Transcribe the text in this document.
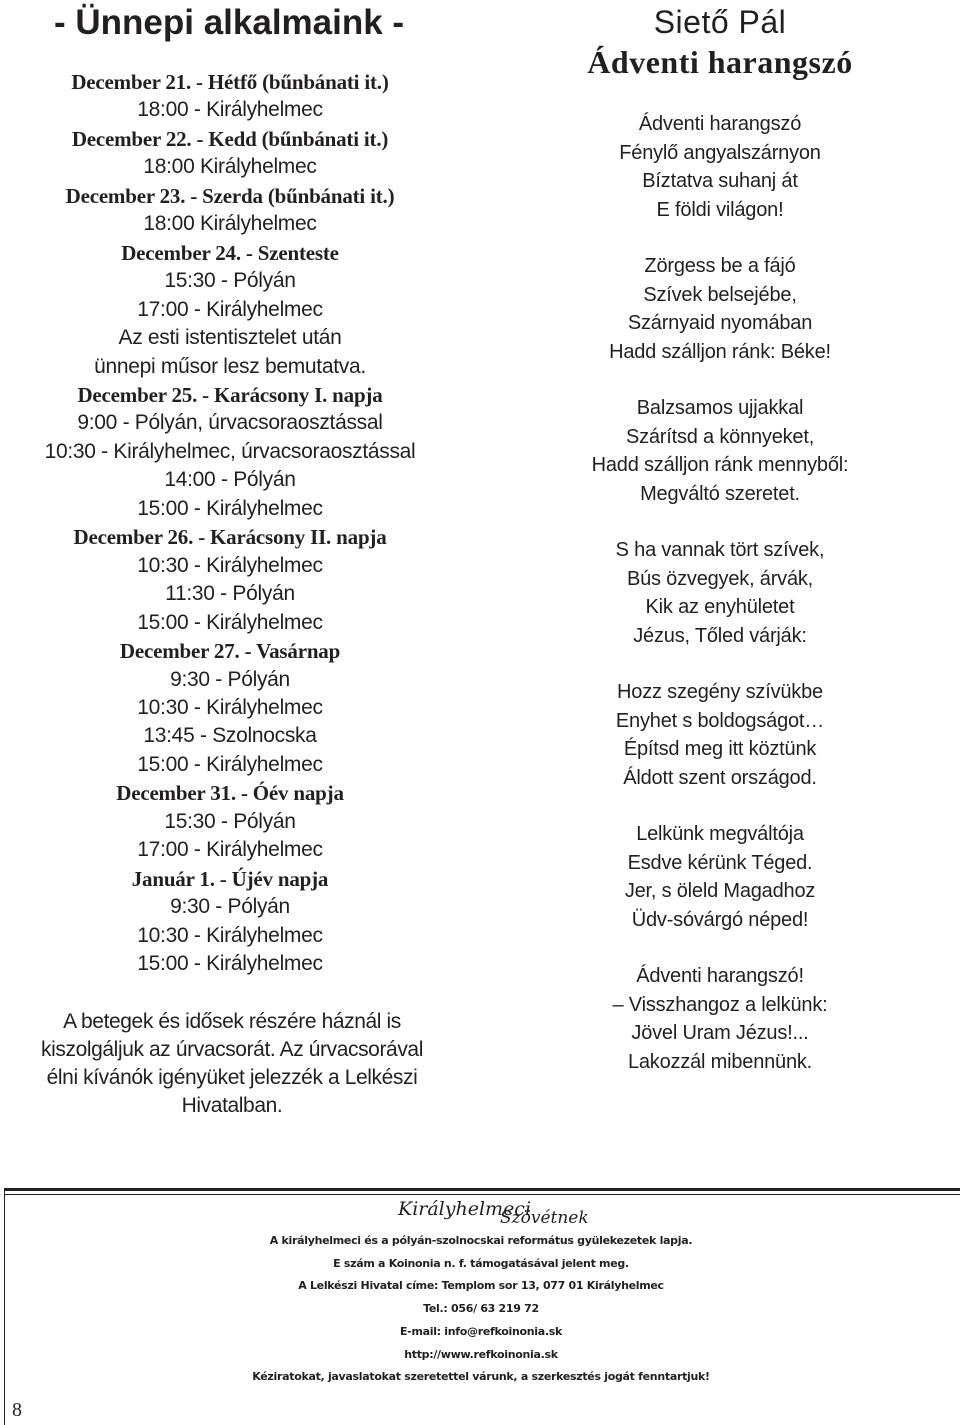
- Ünnepi alkalmaink -
December 21. - Hétfő (bűnbánati it.)
18:00 - Királyhelmec
December 22. - Kedd (bűnbánati it.)
18:00 Királyhelmec
December 23. - Szerda (bűnbánati it.)
18:00 Királyhelmec
December 24. - Szenteste
15:30 - Pólyán
17:00 - Királyhelmec
Az esti istentisztelet után
ünnepi műsor lesz bemutatva.
December 25. - Karácsony I. napja
9:00 - Pólyán, úrvacsoraosztással
10:30 - Királyhelmec, úrvacsoraosztással
14:00 - Pólyán
15:00 - Királyhelmec
December 26. - Karácsony II. napja
10:30 - Királyhelmec
11:30 - Pólyán
15:00 - Királyhelmec
December 27. - Vasárnap
9:30 - Pólyán
10:30 - Királyhelmec
13:45 - Szolnocska
15:00 - Királyhelmec
December 31. - Óév napja
15:30 - Pólyán
17:00 - Királyhelmec
Január 1. - Újév napja
9:30 - Pólyán
10:30 - Királyhelmec
15:00 - Királyhelmec
A betegek és idősek részére háznál is
kiszolgáljuk az úrvacsorát. Az úrvacsorával
élni kívánók igényüket jelezzék a Lelkészi
Hivatalban.
Siető Pál
Ádventi harangszó
Ádventi harangszó
Fénylő angyalszárnyon
Bíztatva suhanj át
E földi világon!
Zörgess be a fájó
Szívek belsejébe,
Szárnyaid nyomában
Hadd szálljon ránk: Béke!
Balzsamos ujjakkal
Szárítsd a könnyeket,
Hadd szálljon ránk mennyből:
Megváltó szeretet.
S ha vannak tört szívek,
Bús özvegyek, árvák,
Kik az enyhületet
Jézus, Tőled várják:
Hozz szegény szívükbe
Enyhet s boldogságot…
Építsd meg itt köztünk
Áldott szent országod.
Lelkünk megváltója
Esdve kérünk Téged.
Jer, s öleld Magadhoz
Üdv-sóvárgó néped!
Ádventi harangszó!
– Visszhangoz a lelkünk:
Jövel Uram Jézus!...
Lakozzál mibennünk.
Királyhelmeci
Szövétnek
A királyhelmeci és a pólyán-szolnocskai református gyülekezetek lapja.
E szám a Koinonia n. f. támogatásával jelent meg.
A Lelkészi Hivatal címe: Templom sor 13, 077 01 Királyhelmec
Tel.: 056/ 63 219 72
E-mail: info@refkoinonia.sk
http://www.refkoinonia.sk
Kéziratokat, javaslatokat szeretettel várunk, a szerkesztés jogát fenntartjuk!
8
